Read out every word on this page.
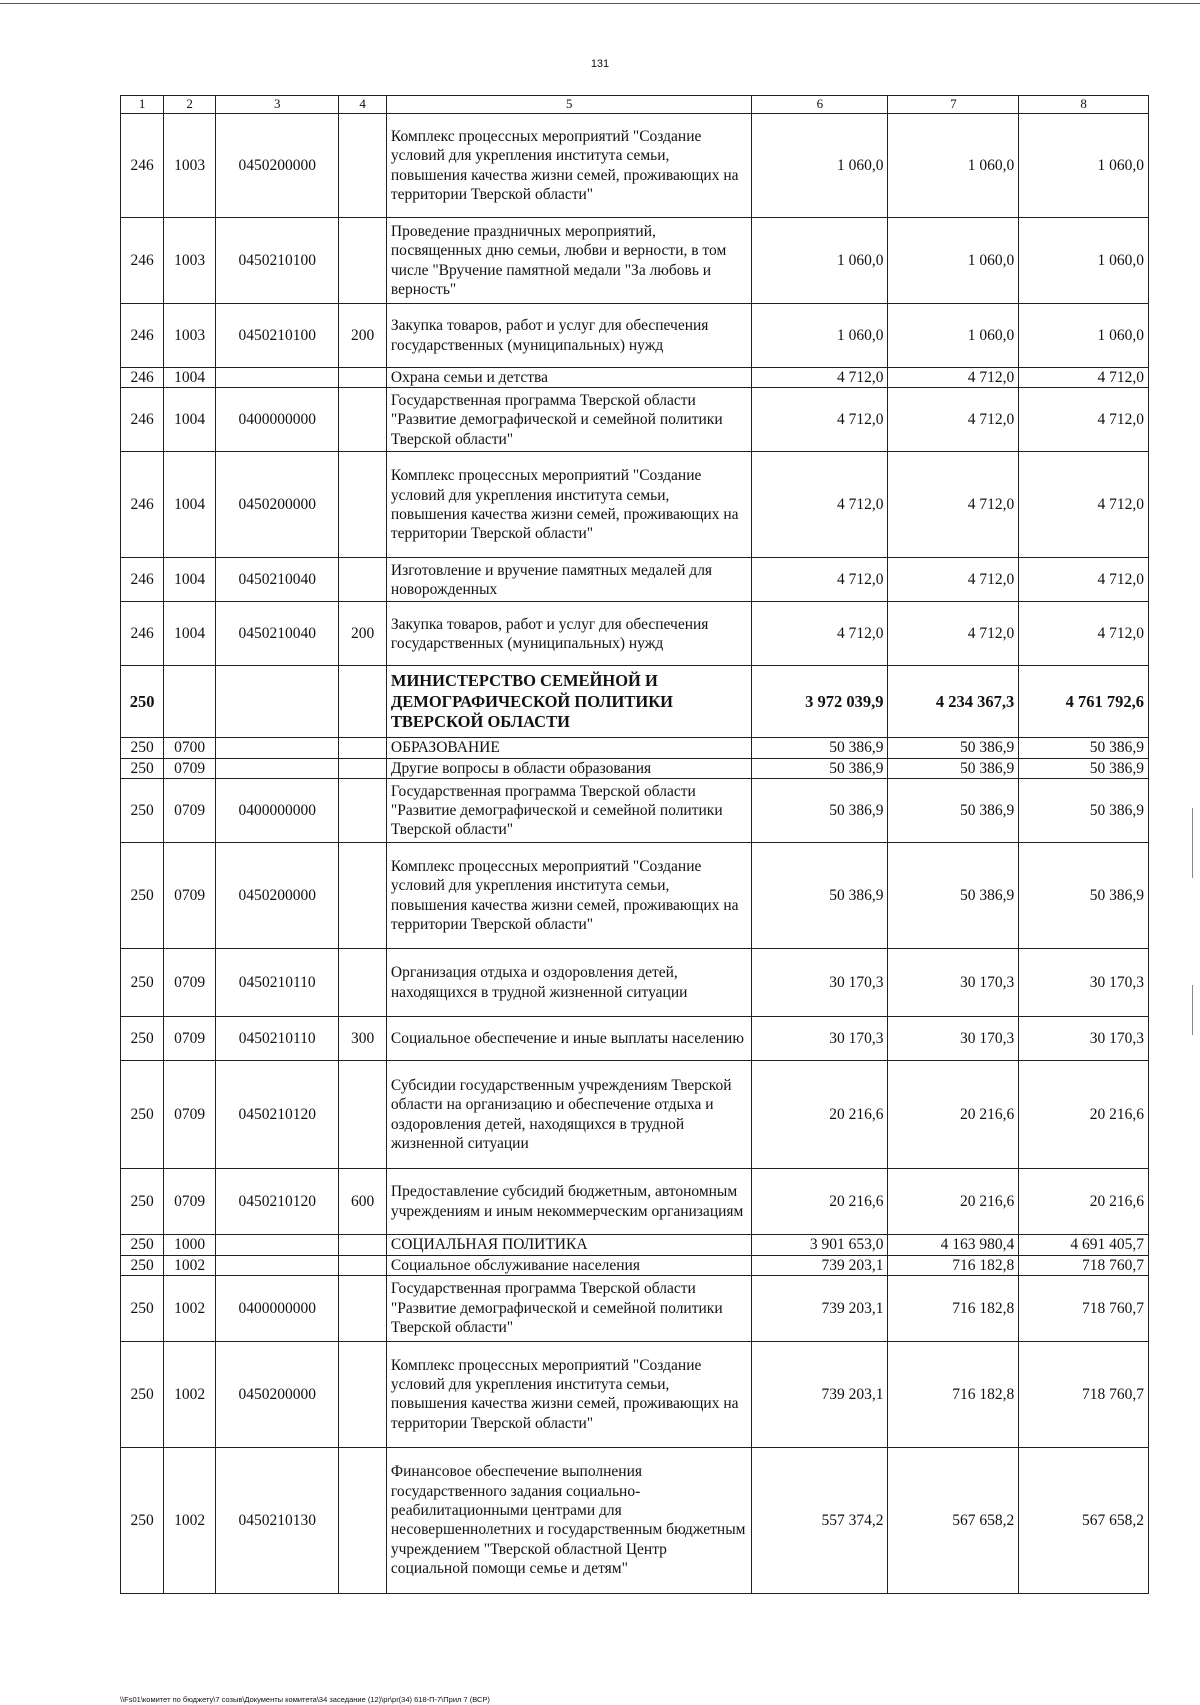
131
1	2	3	4	5	6	7	8
246	1003	0450200000		Комплекс процессных мероприятий "Создание условий для укрепления института семьи, повышения качества жизни семей, проживающих на территории Тверской области"	1 060,0	1 060,0	1 060,0
246	1003	0450210100		Проведение праздничных мероприятий, посвященных дню семьи, любви и верности, в том числе "Вручение памятной медали "За любовь и верность"	1 060,0	1 060,0	1 060,0
246	1003	0450210100	200	Закупка товаров, работ и услуг для обеспечения государственных (муниципальных) нужд	1 060,0	1 060,0	1 060,0
246	1004			Охрана семьи и детства	4 712,0	4 712,0	4 712,0
246	1004	0400000000		Государственная программа Тверской области "Развитие демографической и семейной политики Тверской области"	4 712,0	4 712,0	4 712,0
246	1004	0450200000		Комплекс процессных мероприятий "Создание условий для укрепления института семьи, повышения качества жизни семей, проживающих на территории Тверской области"	4 712,0	4 712,0	4 712,0
246	1004	0450210040		Изготовление и вручение памятных медалей для новорожденных	4 712,0	4 712,0	4 712,0
246	1004	0450210040	200	Закупка товаров, работ и услуг для обеспечения государственных (муниципальных) нужд	4 712,0	4 712,0	4 712,0
250				МИНИСТЕРСТВО СЕМЕЙНОЙ И ДЕМОГРАФИЧЕСКОЙ ПОЛИТИКИ ТВЕРСКОЙ ОБЛАСТИ	3 972 039,9	4 234 367,3	4 761 792,6
250	0700			ОБРАЗОВАНИЕ	50 386,9	50 386,9	50 386,9
250	0709			Другие вопросы в области образования	50 386,9	50 386,9	50 386,9
250	0709	0400000000		Государственная программа Тверской области "Развитие демографической и семейной политики Тверской области"	50 386,9	50 386,9	50 386,9
250	0709	0450200000		Комплекс процессных мероприятий "Создание условий для укрепления института семьи, повышения качества жизни семей, проживающих на территории Тверской области"	50 386,9	50 386,9	50 386,9
250	0709	0450210110		Организация отдыха и оздоровления детей, находящихся в трудной жизненной ситуации	30 170,3	30 170,3	30 170,3
250	0709	0450210110	300	Социальное обеспечение и иные выплаты населению	30 170,3	30 170,3	30 170,3
250	0709	0450210120		Субсидии государственным учреждениям Тверской области на организацию и обеспечение отдыха и оздоровления детей, находящихся в трудной жизненной ситуации	20 216,6	20 216,6	20 216,6
250	0709	0450210120	600	Предоставление субсидий бюджетным, автономным учреждениям и иным некоммерческим организациям	20 216,6	20 216,6	20 216,6
250	1000			СОЦИАЛЬНАЯ ПОЛИТИКА	3 901 653,0	4 163 980,4	4 691 405,7
250	1002			Социальное обслуживание населения	739 203,1	716 182,8	718 760,7
250	1002	0400000000		Государственная программа Тверской области "Развитие демографической и семейной политики Тверской области"	739 203,1	716 182,8	718 760,7
250	1002	0450200000		Комплекс процессных мероприятий "Создание условий для укрепления института семьи, повышения качества жизни семей, проживающих на территории Тверской области"	739 203,1	716 182,8	718 760,7
250	1002	0450210130		Финансовое обеспечение выполнения государственного задания социально-реабилитационными центрами для несовершеннолетних и государственным бюджетным учреждением "Тверской областной Центр социальной помощи семье и детям"	557 374,2	567 658,2	567 658,2
\\Fs01\комитет по бюджету\7 созыв\Документы комитета\34 заседание (12)\pr\pr(34) 618-П-7\Прил 7 (ВСР)
